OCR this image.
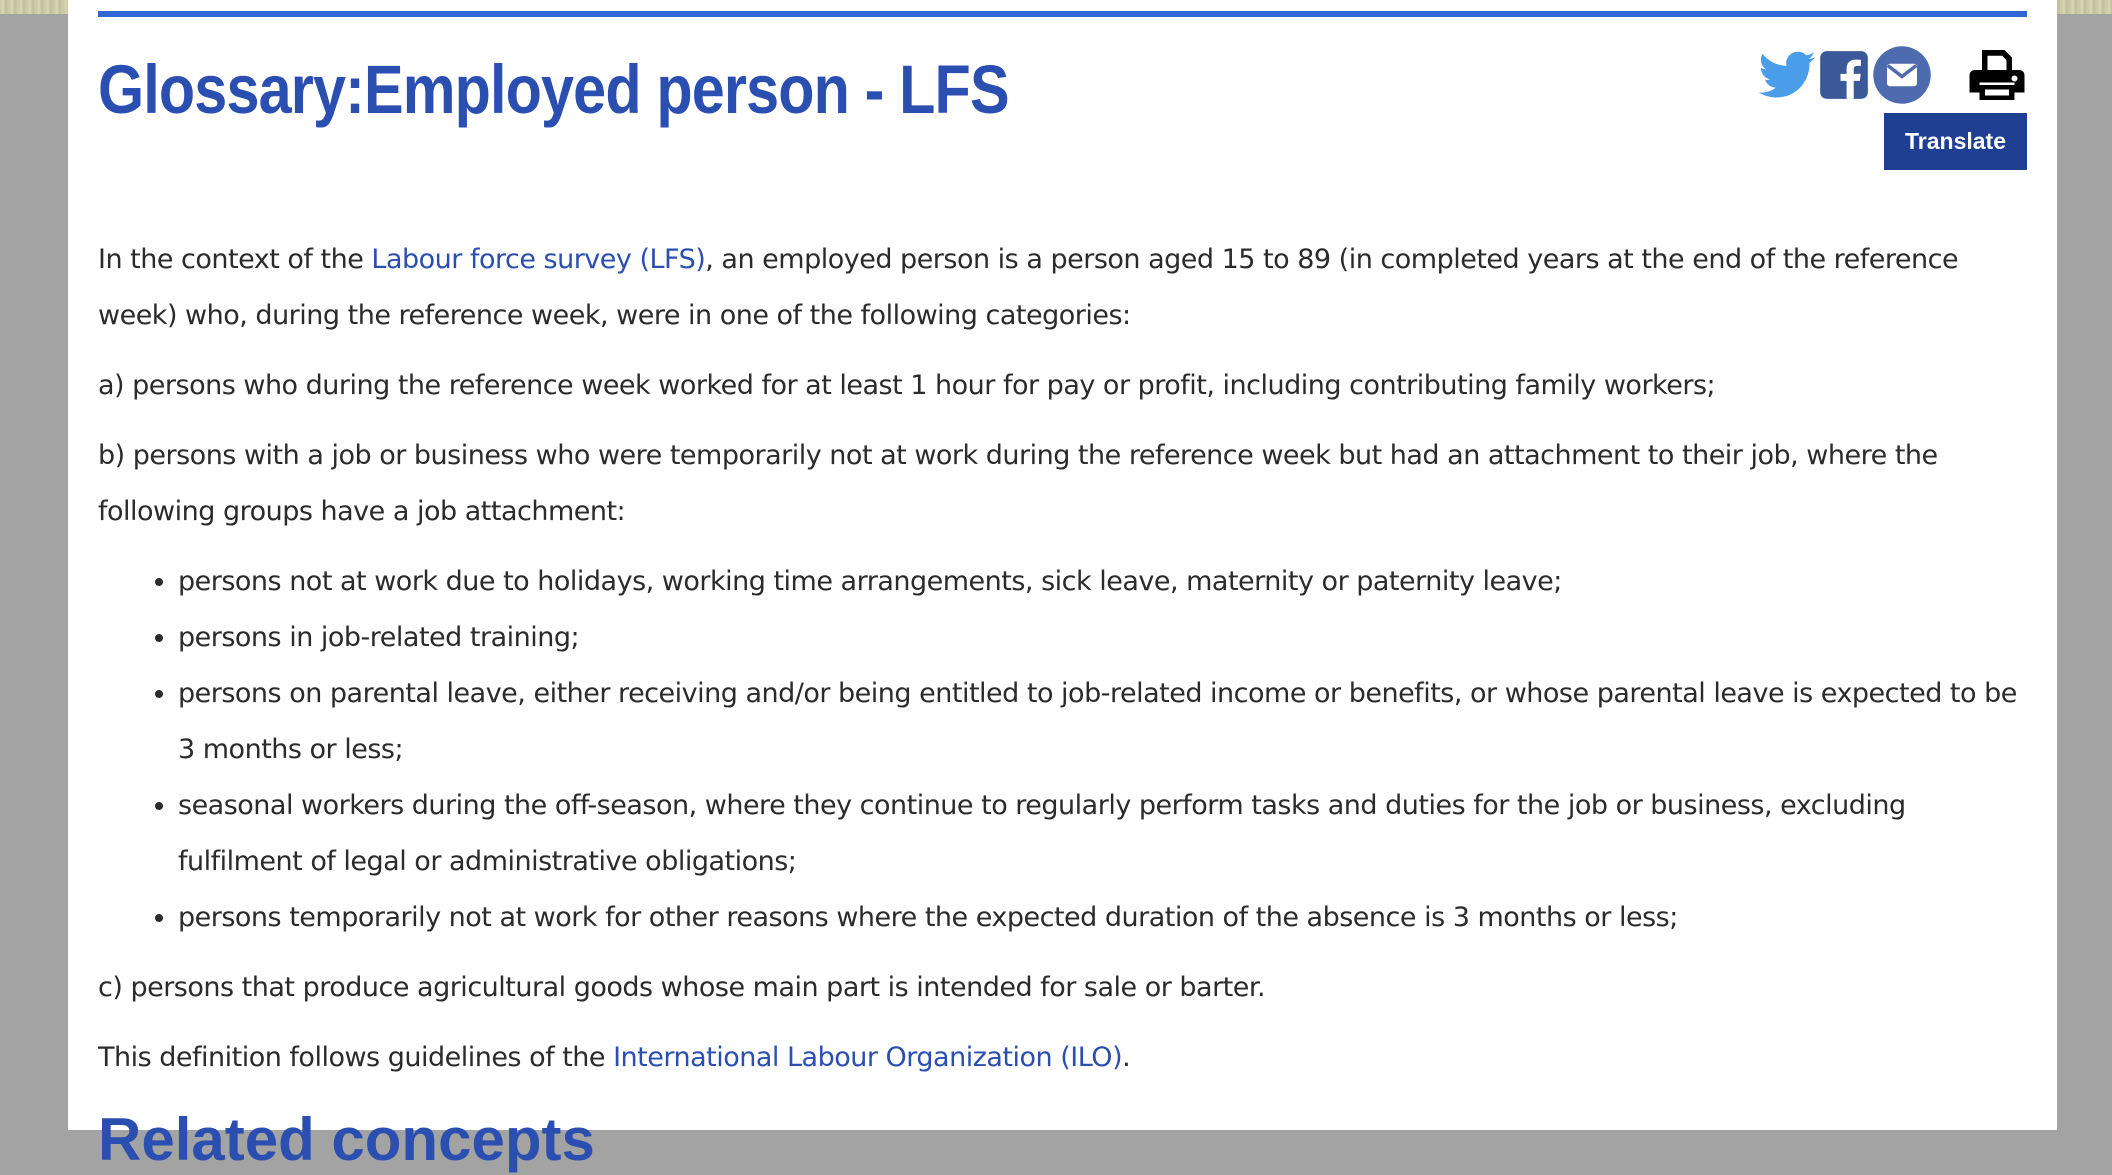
Glossary:Employed person - LFS
Translate

In the context of the Labour force survey (LFS), an employed person is a person aged 15 to 89 (in completed years at the end of the reference week) who, during the reference week, were in one of the following categories:

a) persons who during the reference week worked for at least 1 hour for pay or profit, including contributing family workers;

b) persons with a job or business who were temporarily not at work during the reference week but had an attachment to their job, where the following groups have a job attachment:

• persons not at work due to holidays, working time arrangements, sick leave, maternity or paternity leave;
• persons in job-related training;
• persons on parental leave, either receiving and/or being entitled to job-related income or benefits, or whose parental leave is expected to be 3 months or less;
• seasonal workers during the off-season, where they continue to regularly perform tasks and duties for the job or business, excluding fulfilment of legal or administrative obligations;
• persons temporarily not at work for other reasons where the expected duration of the absence is 3 months or less;

c) persons that produce agricultural goods whose main part is intended for sale or barter.

This definition follows guidelines of the International Labour Organization (ILO).

Related concepts
